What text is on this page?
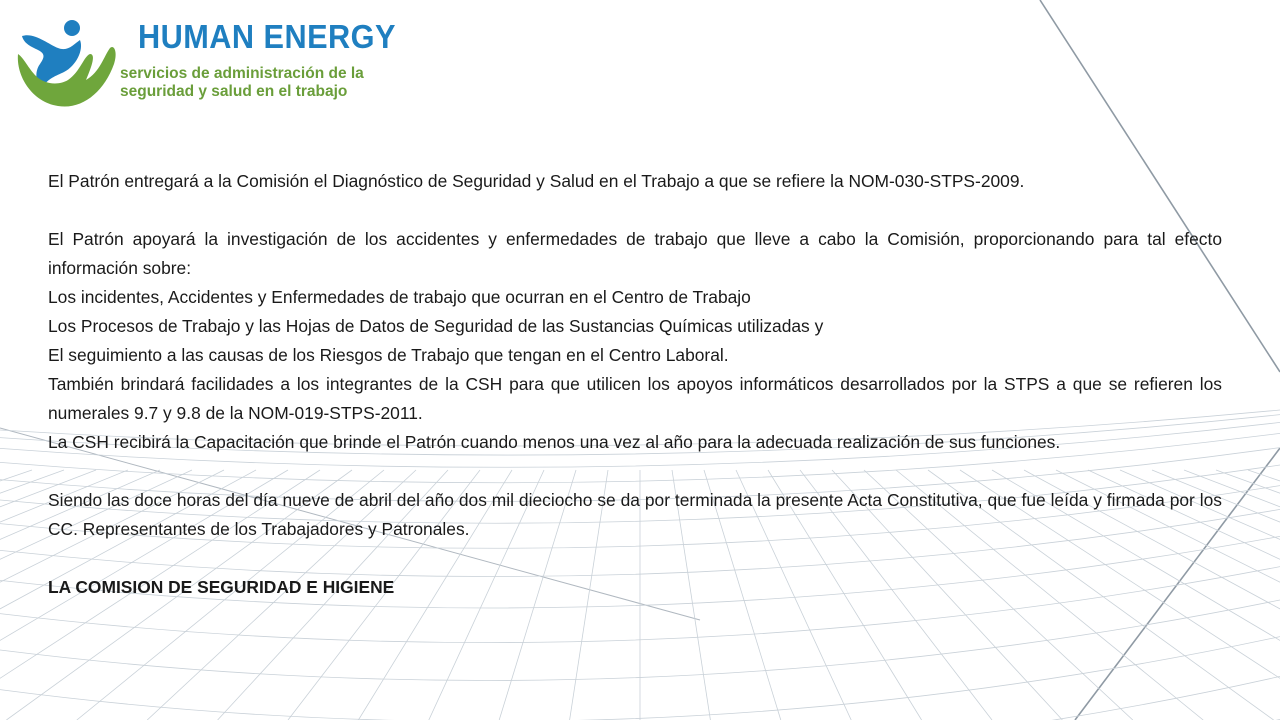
HUMAN ENERGY
servicios de administración de la
seguridad y salud en el trabajo

El Patrón entregará a la Comisión el Diagnóstico de Seguridad y Salud en el Trabajo a que se refiere la NOM-030-STPS-2009.

El Patrón apoyará la investigación de los accidentes y enfermedades de trabajo que lleve a cabo la Comisión, proporcionando para tal efecto información sobre:

Los incidentes, Accidentes y Enfermedades de trabajo que ocurran en el Centro de Trabajo

Los Procesos de Trabajo y las Hojas de Datos de Seguridad de las Sustancias Químicas utilizadas y

El seguimiento a las causas de los Riesgos de Trabajo que tengan en el Centro Laboral.

También brindará facilidades a los integrantes de la CSH para que utilicen los apoyos informáticos desarrollados por la STPS a que se refieren los numerales 9.7 y 9.8 de la NOM-019-STPS-2011.

La CSH recibirá la Capacitación que brinde el Patrón cuando menos una vez al año para la adecuada realización de sus funciones.

Siendo las doce horas del día nueve de abril del año dos mil dieciocho se da por terminada la presente Acta Constitutiva, que fue leída y firmada por los CC. Representantes de los Trabajadores y Patronales.

LA COMISION DE SEGURIDAD E HIGIENE
